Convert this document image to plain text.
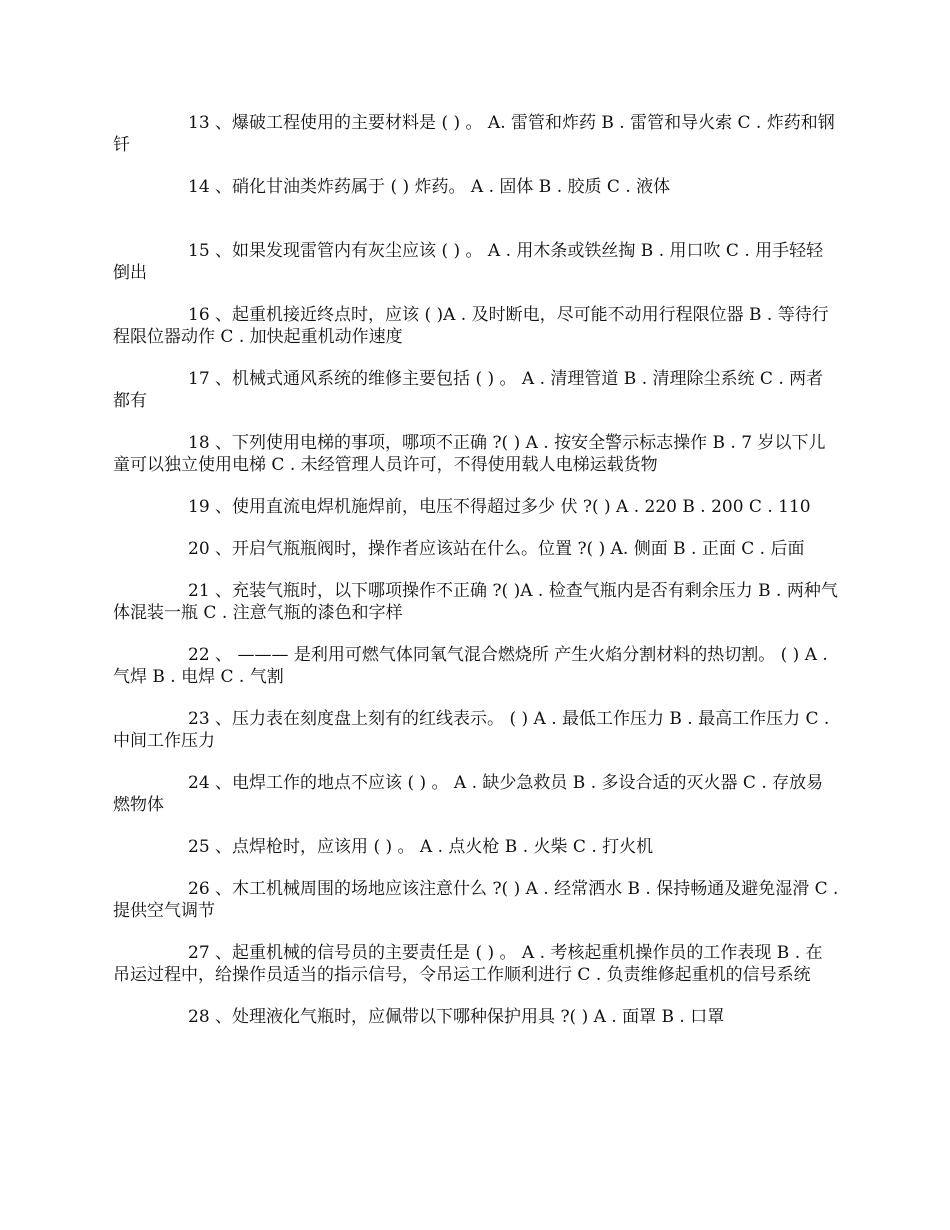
13 、爆破工程使用的主要材料是 ( ) 。 A. 雷管和炸药 B . 雷管和导火索 C . 炸药和钢钎

14 、硝化甘油类炸药属于 ( ) 炸药。 A . 固体 B . 胶质 C . 液体

15 、如果发现雷管内有灰尘应该 ( ) 。 A . 用木条或铁丝掏 B . 用口吹 C . 用手轻轻倒出

16 、起重机接近终点时，应该 ( )A . 及时断电，尽可能不动用行程限位器 B . 等待行程限位器动作 C . 加快起重机动作速度

17 、机械式通风系统的维修主要包括 ( ) 。 A . 清理管道 B . 清理除尘系统 C . 两者都有

18 、下列使用电梯的事项，哪项不正确 ?( ) A . 按安全警示标志操作 B . 7 岁以下儿童可以独立使用电梯 C . 未经管理人员许可，不得使用载人电梯运载货物

19 、使用直流电焊机施焊前，电压不得超过多少 伏 ?( ) A . 220 B . 200 C . 110

20 、开启气瓶瓶阀时，操作者应该站在什么。位置 ?( ) A. 侧面 B . 正面 C . 后面

21 、充装气瓶时，以下哪项操作不正确 ?( )A . 检查气瓶内是否有剩余压力 B . 两种气体混装一瓶 C . 注意气瓶的漆色和字样

22 、 ——— 是利用可燃气体同氧气混合燃烧所 产生火焰分割材料的热切割。 ( ) A . 气焊 B . 电焊 C . 气割

23 、压力表在刻度盘上刻有的红线表示。 ( ) A . 最低工作压力 B . 最高工作压力 C . 中间工作压力

24 、电焊工作的地点不应该 ( ) 。 A . 缺少急救员 B . 多设合适的灭火器 C . 存放易燃物体

25 、点焊枪时，应该用 ( ) 。 A . 点火枪 B . 火柴 C . 打火机

26 、木工机械周围的场地应该注意什么 ?( ) A . 经常洒水 B . 保持畅通及避免湿滑 C . 提供空气调节

27 、起重机械的信号员的主要责任是 ( ) 。 A . 考核起重机操作员的工作表现 B . 在吊运过程中，给操作员适当的指示信号，令吊运工作顺利进行 C . 负责维修起重机的信号系统

28 、处理液化气瓶时，应佩带以下哪种保护用具 ?( ) A . 面罩 B . 口罩
